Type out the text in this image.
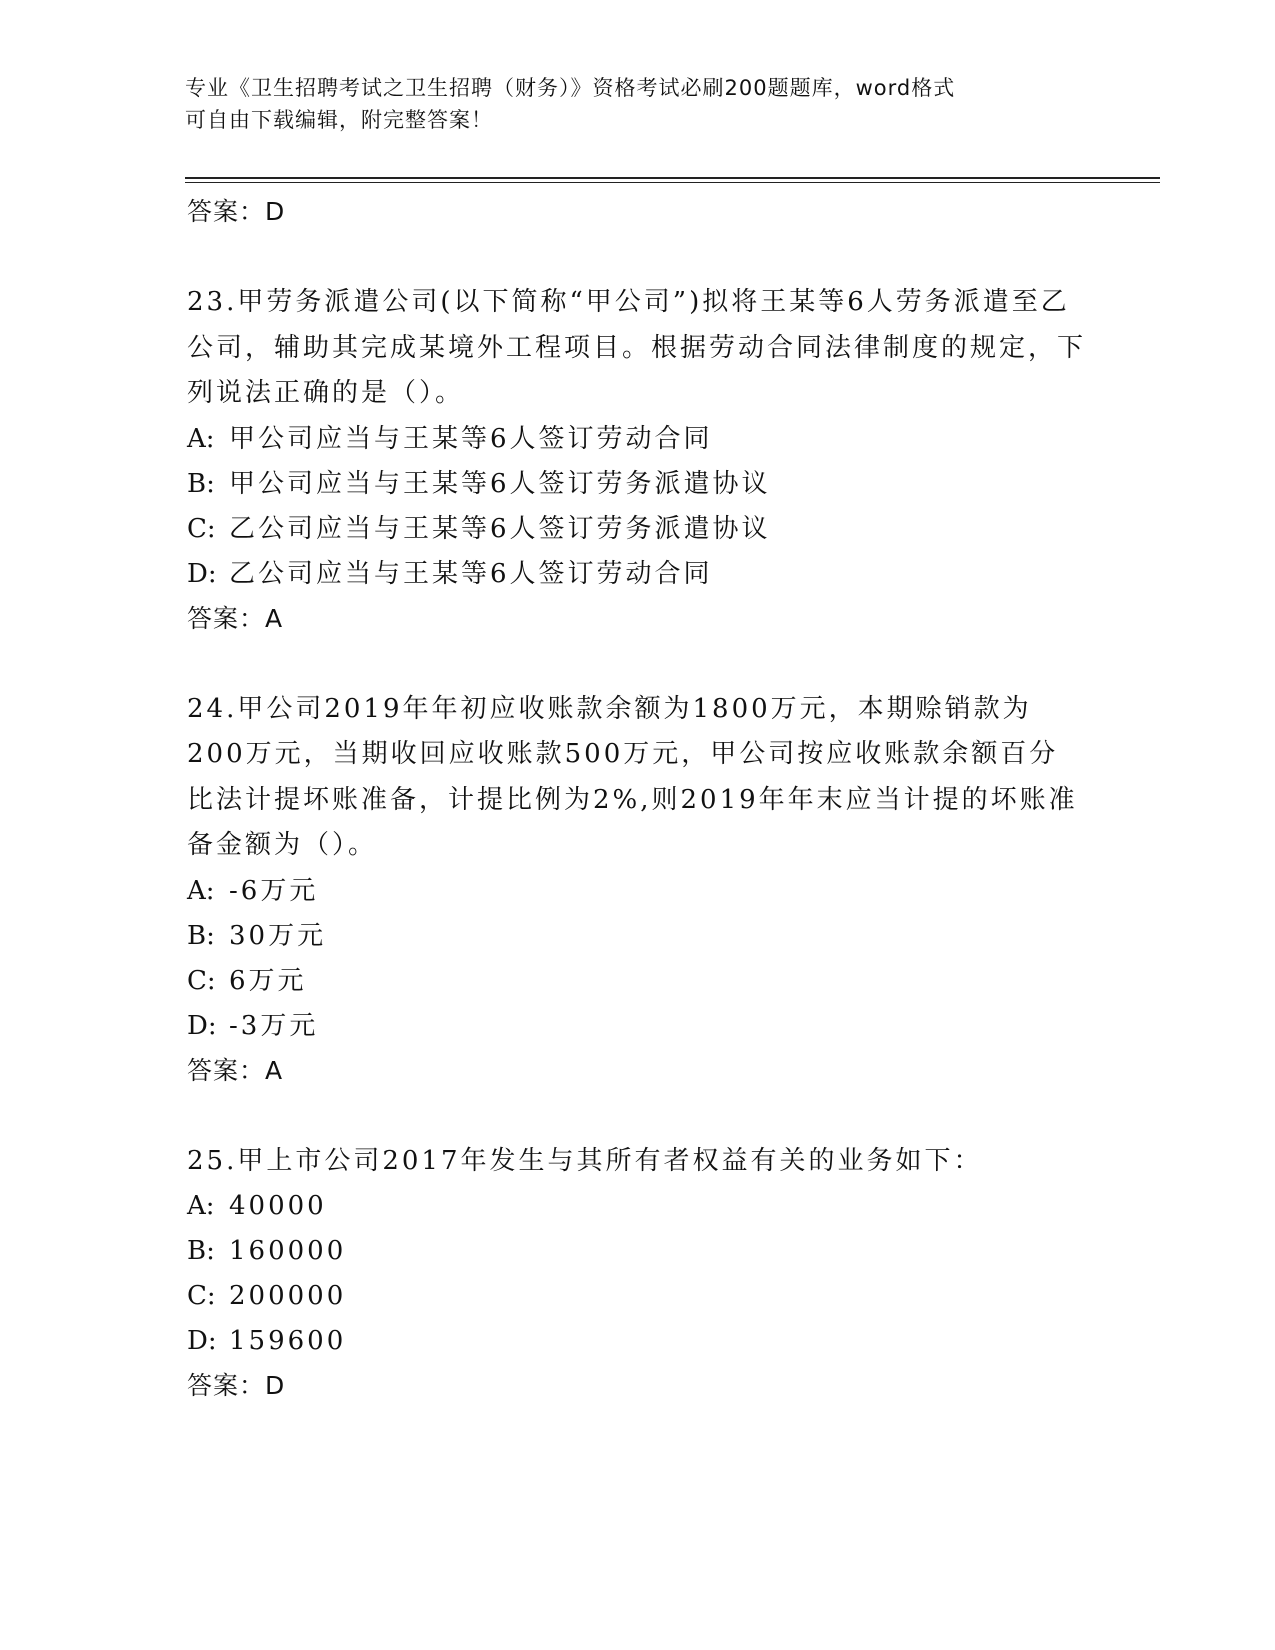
专业《卫生招聘考试之卫生招聘（财务）》资格考试必刷200题题库，word格式
可自由下载编辑，附完整答案！
答案：D
23.甲劳务派遣公司(以下简称“甲公司”)拟将王某等6人劳务派遣至乙公司，辅助其完成某境外工程项目。根据劳动合同法律制度的规定，下列说法正确的是（）。
A: 甲公司应当与王某等6人签订劳动合同
B: 甲公司应当与王某等6人签订劳务派遣协议
C: 乙公司应当与王某等6人签订劳务派遣协议
D: 乙公司应当与王某等6人签订劳动合同
答案：A
24.甲公司2019年年初应收账款余额为1800万元，本期赊销款为200万元，当期收回应收账款500万元，甲公司按应收账款余额百分比法计提坏账准备，计提比例为2%,则2019年年末应当计提的坏账准备金额为（）。
A: -6万元
B: 30万元
C: 6万元
D: -3万元
答案：A
25.甲上市公司2017年发生与其所有者权益有关的业务如下：
A: 40000
B: 160000
C: 200000
D: 159600
答案：D
